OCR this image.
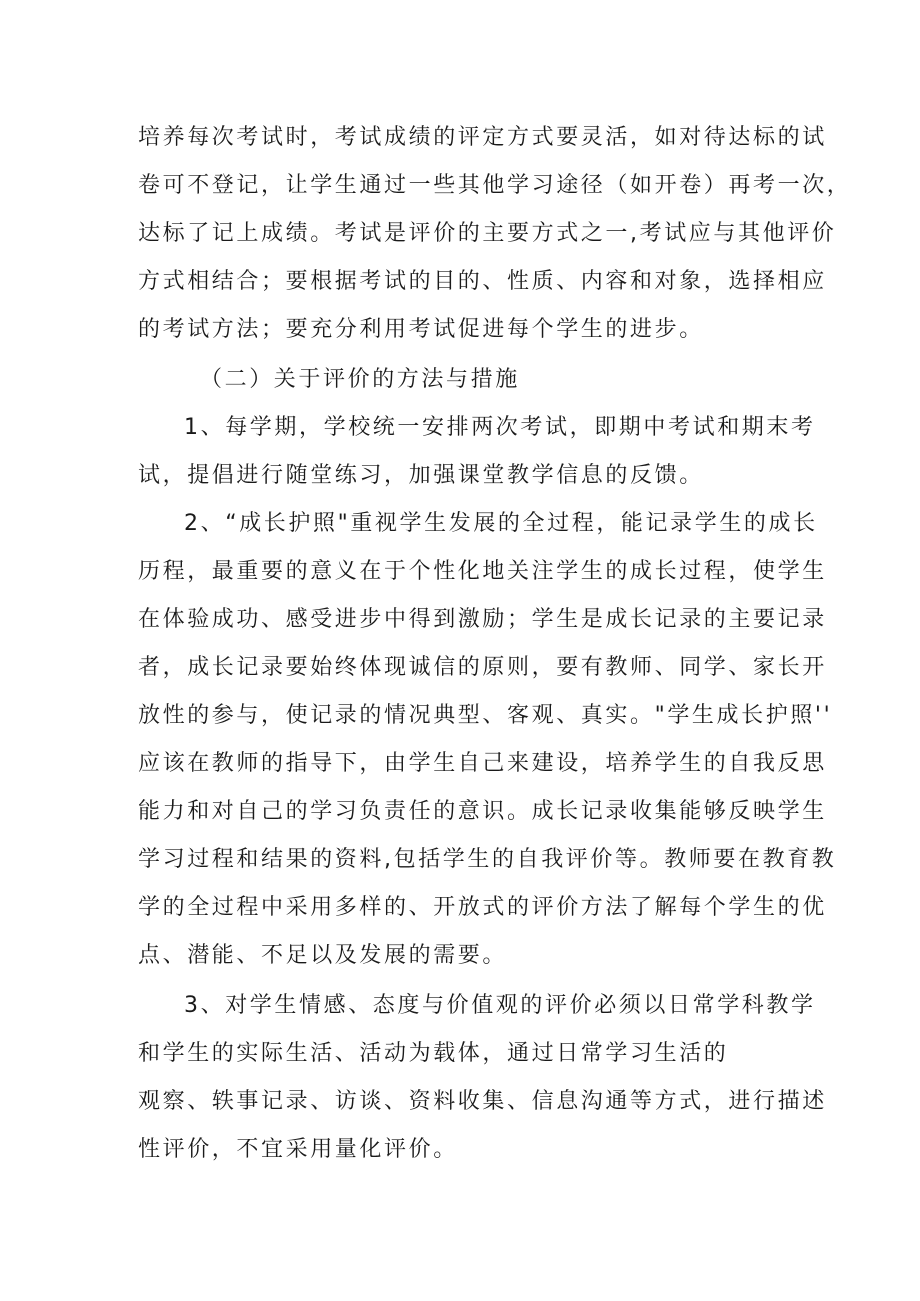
培养每次考试时，考试成绩的评定方式要灵活，如对待达标的试

卷可不登记，让学生通过一些其他学习途径（如开卷）再考一次，

达标了记上成绩。考试是评价的主要方式之一,考试应与其他评价

方式相结合；要根据考试的目的、性质、内容和对象，选择相应

的考试方法；要充分利用考试促进每个学生的进步。

（二）关于评价的方法与措施

1、每学期，学校统一安排两次考试，即期中考试和期末考

试，提倡进行随堂练习，加强课堂教学信息的反馈。

2、“成长护照"重视学生发展的全过程，能记录学生的成长

历程，最重要的意义在于个性化地关注学生的成长过程，使学生

在体验成功、感受进步中得到激励；学生是成长记录的主要记录

者，成长记录要始终体现诚信的原则，要有教师、同学、家长开

放性的参与，使记录的情况典型、客观、真实。"学生成长护照''

应该在教师的指导下，由学生自己来建设，培养学生的自我反思

能力和对自己的学习负责任的意识。成长记录收集能够反映学生

学习过程和结果的资料,包括学生的自我评价等。教师要在教育教

学的全过程中采用多样的、开放式的评价方法了解每个学生的优

点、潜能、不足以及发展的需要。

3、对学生情感、态度与价值观的评价必须以日常学科教学

和学生的实际生活、活动为载体，通过日常学习生活的

观察、轶事记录、访谈、资料收集、信息沟通等方式，进行描述

性评价，不宜采用量化评价。
